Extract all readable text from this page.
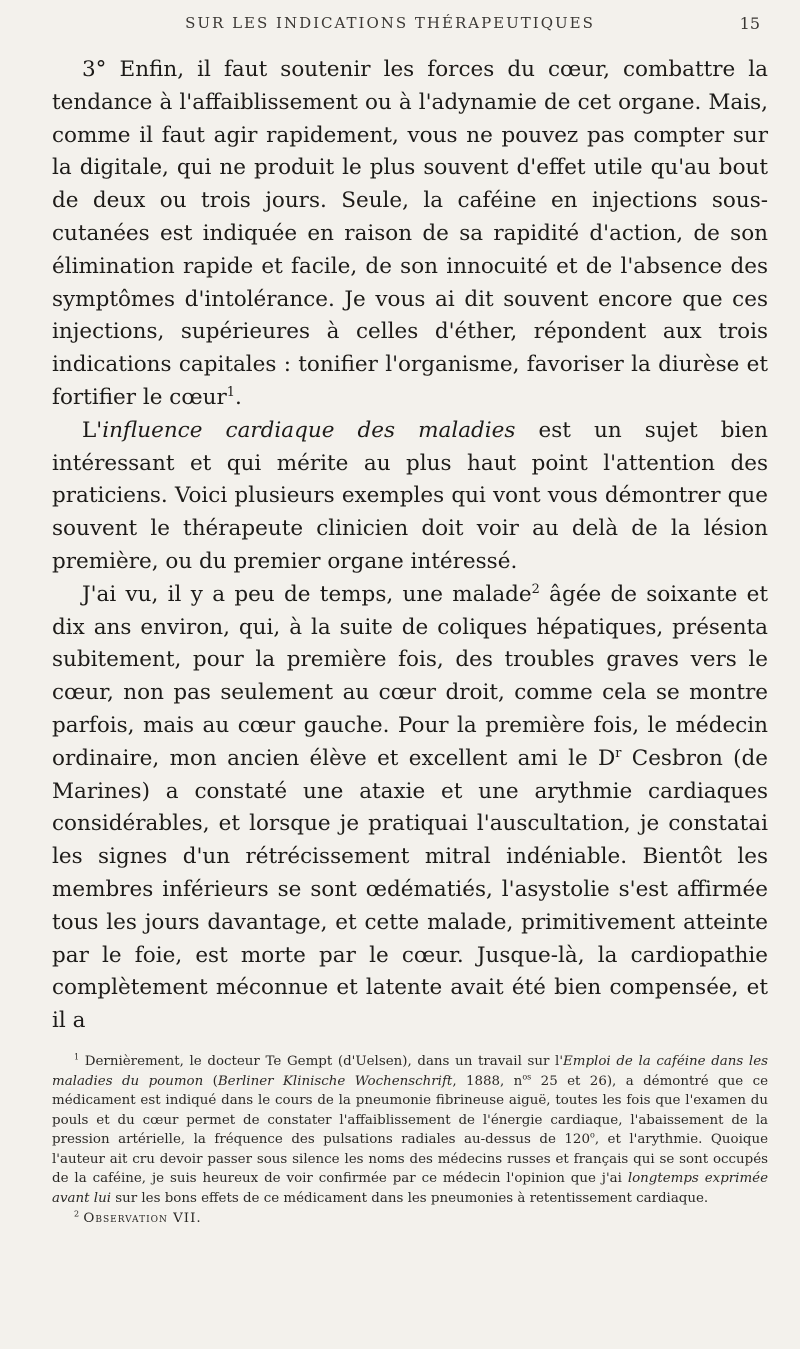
SUR LES INDICATIONS THÉRAPEUTIQUES	15

3° Enfin, il faut soutenir les forces du cœur, combattre la tendance à l'affaiblissement ou à l'adynamie de cet organe. Mais, comme il faut agir rapidement, vous ne pouvez pas compter sur la digitale, qui ne produit le plus souvent d'effet utile qu'au bout de deux ou trois jours. Seule, la caféine en injections sous-cutanées est indiquée en raison de sa rapidité d'action, de son élimination rapide et facile, de son innocuité et de l'absence des symptômes d'intolérance. Je vous ai dit souvent encore que ces injections, supérieures à celles d'éther, répondent aux trois indications capitales : tonifier l'organisme, favoriser la diurèse et fortifier le cœur$^1$.

L'influence cardiaque des maladies est un sujet bien intéressant et qui mérite au plus haut point l'attention des praticiens. Voici plusieurs exemples qui vont vous démontrer que souvent le thérapeute clinicien doit voir au delà de la lésion première, ou du premier organe intéressé.

J'ai vu, il y a peu de temps, une malade$^2$ âgée de soixante et dix ans environ, qui, à la suite de coliques hépatiques, présenta subitement, pour la première fois, des troubles graves vers le cœur, non pas seulement au cœur droit, comme cela se montre parfois, mais au cœur gauche. Pour la première fois, le médecin ordinaire, mon ancien élève et excellent ami le $D^r$ Cesbron (de Marines) a constaté une ataxie et une arythmie cardiaques considérables, et lorsque je pratiquai l'auscultation, je constatai les signes d'un rétrécissement mitral indéniable. Bientôt les membres inférieurs se sont œdématiés, l'asystolie s'est affirmée tous les jours davantage, et cette malade, primitivement atteinte par le foie, est morte par le cœur. Jusque-là, la cardiopathie complètement méconnue et latente avait été bien compensée, et il a

$^1$ Dernièrement, le docteur Te Gempt (d'Uelsen), dans un travail sur l'Emploi de la caféine dans les maladies du poumon (Berliner Klinische Wochenschrift, 1888, $n^{os}$ 25 et 26), a démontré que ce médicament est indiqué dans le cours de la pneumonie fibrineuse aiguë, toutes les fois que l'examen du pouls et du cœur permet de constater l'affaiblissement de l'énergie cardiaque, l'abaissement de la pression artérielle, la fréquence des pulsations radiales au-dessus de 120$^o$, et l'arythmie. Quoique l'auteur ait cru devoir passer sous silence les noms des médecins russes et français qui se sont occupés de la caféine, je suis heureux de voir confirmée par ce médecin l'opinion que j'ai longtemps exprimée avant lui sur les bons effets de ce médicament dans les pneumonies à retentissement cardiaque.

$^2$ Observation VII.
